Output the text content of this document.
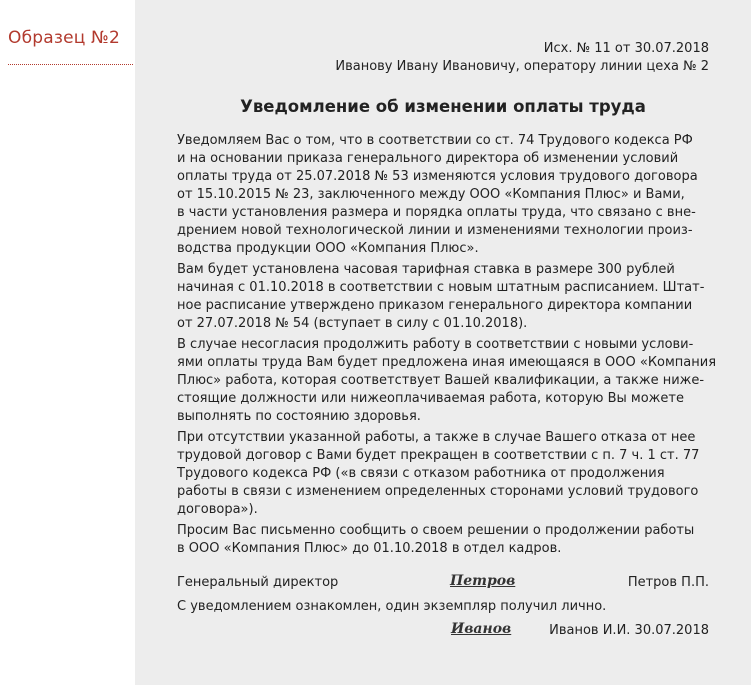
Образец №2
Исх. № 11 от 30.07.2018
Иванову Ивану Ивановичу, оператору линии цеха № 2
Уведомление об изменении оплаты труда
Уведомляем Вас о том, что в соответствии со ст. 74 Трудового кодекса РФ
и на основании приказа генерального директора об изменении условий
оплаты труда от 25.07.2018 № 53 изменяются условия трудового договора
от 15.10.2015 № 23, заключенного между ООО «Компания Плюс» и Вами,
в части установления размера и порядка оплаты труда, что связано с вне-
дрением новой технологической линии и изменениями технологии произ-
водства продукции ООО «Компания Плюс».
Вам будет установлена часовая тарифная ставка в размере 300 рублей
начиная с 01.10.2018 в соответствии с новым штатным расписанием. Штат-
ное расписание утверждено приказом генерального директора компании
от 27.07.2018 № 54 (вступает в силу с 01.10.2018).
В случае несогласия продолжить работу в соответствии с новыми услови-
ями оплаты труда Вам будет предложена иная имеющаяся в ООО «Компания
Плюс» работа, которая соответствует Вашей квалификации, а также ниже-
стоящие должности или нижеоплачиваемая работа, которую Вы можете
выполнять по состоянию здоровья.
При отсутствии указанной работы, а также в случае Вашего отказа от нее
трудовой договор с Вами будет прекращен в соответствии с п. 7 ч. 1 ст. 77
Трудового кодекса РФ («в связи с отказом работника от продолжения
работы в связи с изменением определенных сторонами условий трудового
договора»).
Просим Вас письменно сообщить о своем решении о продолжении работы
в ООО «Компания Плюс» до 01.10.2018 в отдел кадров.
Генеральный директор	Петров	Петров П.П.
С уведомлением ознакомлен, один экземпляр получил лично.
Иванов	Иванов И.И. 30.07.2018
